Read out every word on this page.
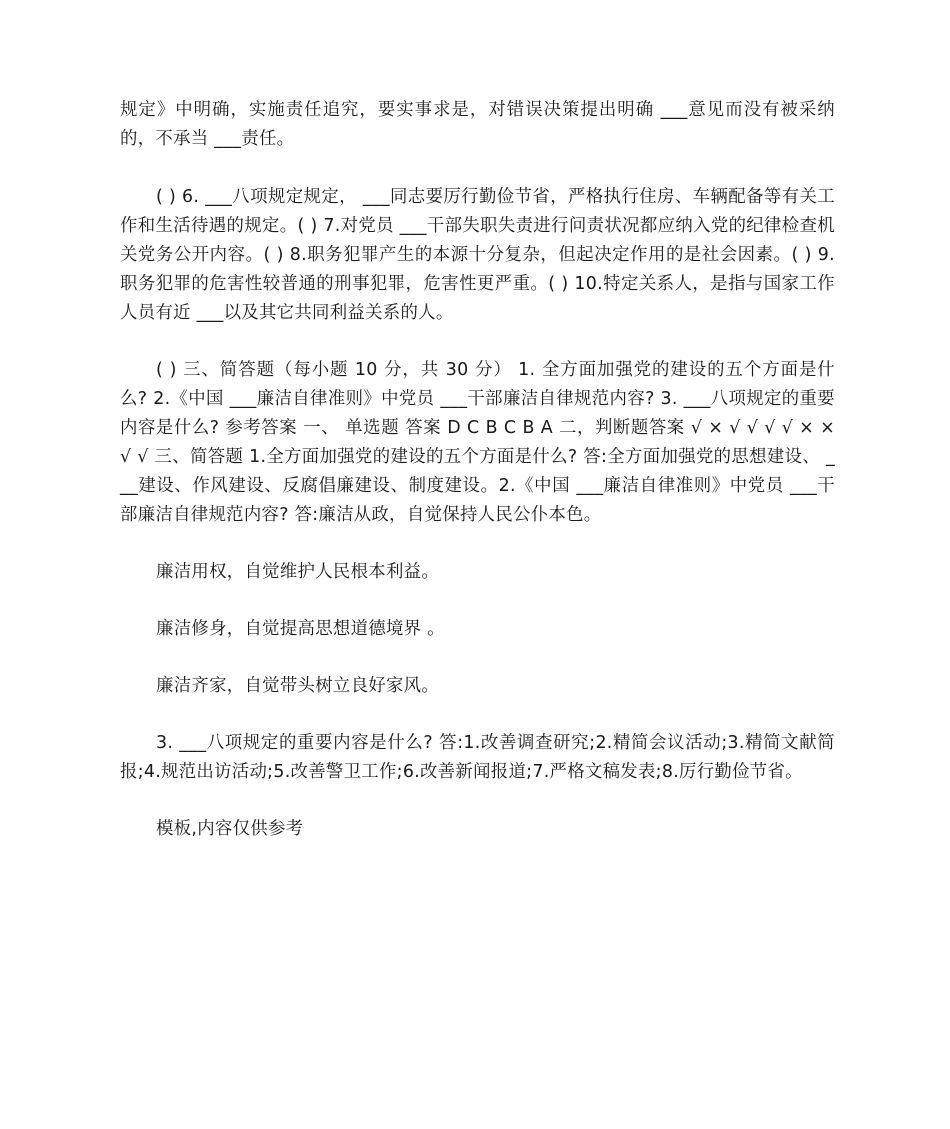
规定》中明确，实施责任追究，要实事求是，对错误决策提出明确 ___意见而没有被采纳的，不承当 ___责任。

( ) 6. ___八项规定规定， ___同志要厉行勤俭节省，严格执行住房、车辆配备等有关工作和生活待遇的规定。( ) 7.对党员 ___干部失职失责进行问责状况都应纳入党的纪律检查机关党务公开内容。( ) 8.职务犯罪产生的本源十分复杂，但起决定作用的是社会因素。( ) 9.职务犯罪的危害性较普通的刑事犯罪，危害性更严重。( ) 10.特定关系人，是指与国家工作人员有近 ___以及其它共同利益关系的人。

( ) 三、简答题（每小题 10 分，共 30 分） 1. 全方面加强党的建设的五个方面是什么? 2.《中国 ___廉洁自律准则》中党员 ___干部廉洁自律规范内容? 3. ___八项规定的重要内容是什么? 参考答案 一、 单选题 答案 D C B C B A 二，判断题答案 √ × √ √ √ √ × × √ √ 三、简答题 1.全方面加强党的建设的五个方面是什么? 答:全方面加强党的思想建设、 ___建设、作风建设、反腐倡廉建设、制度建设。2.《中国 ___廉洁自律准则》中党员 ___干部廉洁自律规范内容? 答:廉洁从政，自觉保持人民公仆本色。

廉洁用权，自觉维护人民根本利益。

廉洁修身，自觉提高思想道德境界 。

廉洁齐家，自觉带头树立良好家风。

3. ___八项规定的重要内容是什么? 答:1.改善调查研究;2.精简会议活动;3.精简文献简报;4.规范出访活动;5.改善警卫工作;6.改善新闻报道;7.严格文稿发表;8.厉行勤俭节省。

模板,内容仅供参考
